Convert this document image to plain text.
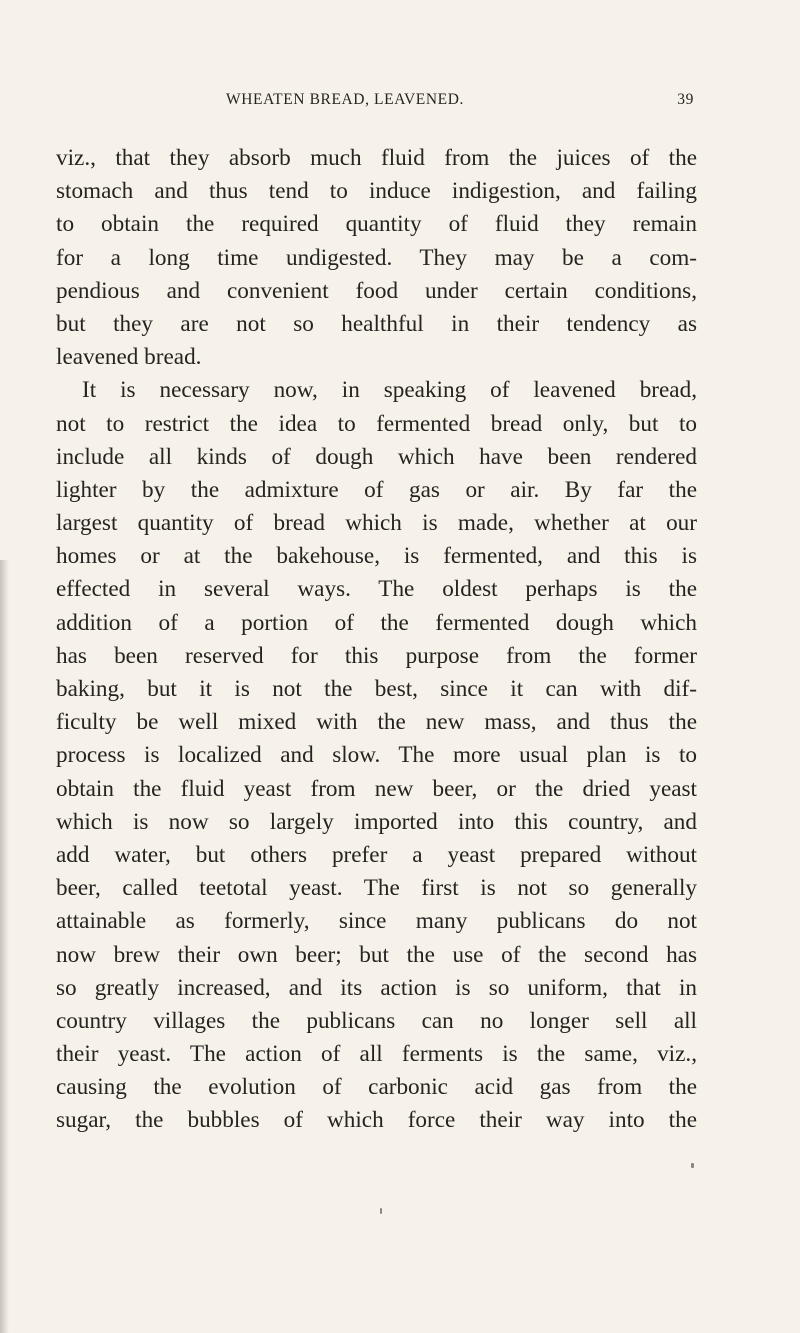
WHEATEN BREAD, LEAVENED.	39
viz., that they absorb much fluid from the juices of the
stomach and thus tend to induce indigestion, and failing
to obtain the required quantity of fluid they remain
for a long time undigested. They may be a com-
pendious and convenient food under certain conditions,
but they are not so healthful in their tendency as
leavened bread.
It is necessary now, in speaking of leavened bread,
not to restrict the idea to fermented bread only, but to
include all kinds of dough which have been rendered
lighter by the admixture of gas or air. By far the
largest quantity of bread which is made, whether at our
homes or at the bakehouse, is fermented, and this is
effected in several ways. The oldest perhaps is the
addition of a portion of the fermented dough which
has been reserved for this purpose from the former
baking, but it is not the best, since it can with dif-
ficulty be well mixed with the new mass, and thus the
process is localized and slow. The more usual plan is to
obtain the fluid yeast from new beer, or the dried yeast
which is now so largely imported into this country, and
add water, but others prefer a yeast prepared without
beer, called teetotal yeast. The first is not so generally
attainable as formerly, since many publicans do not
now brew their own beer; but the use of the second has
so greatly increased, and its action is so uniform, that in
country villages the publicans can no longer sell all
their yeast. The action of all ferments is the same, viz.,
causing the evolution of carbonic acid gas from the
sugar, the bubbles of which force their way into the
